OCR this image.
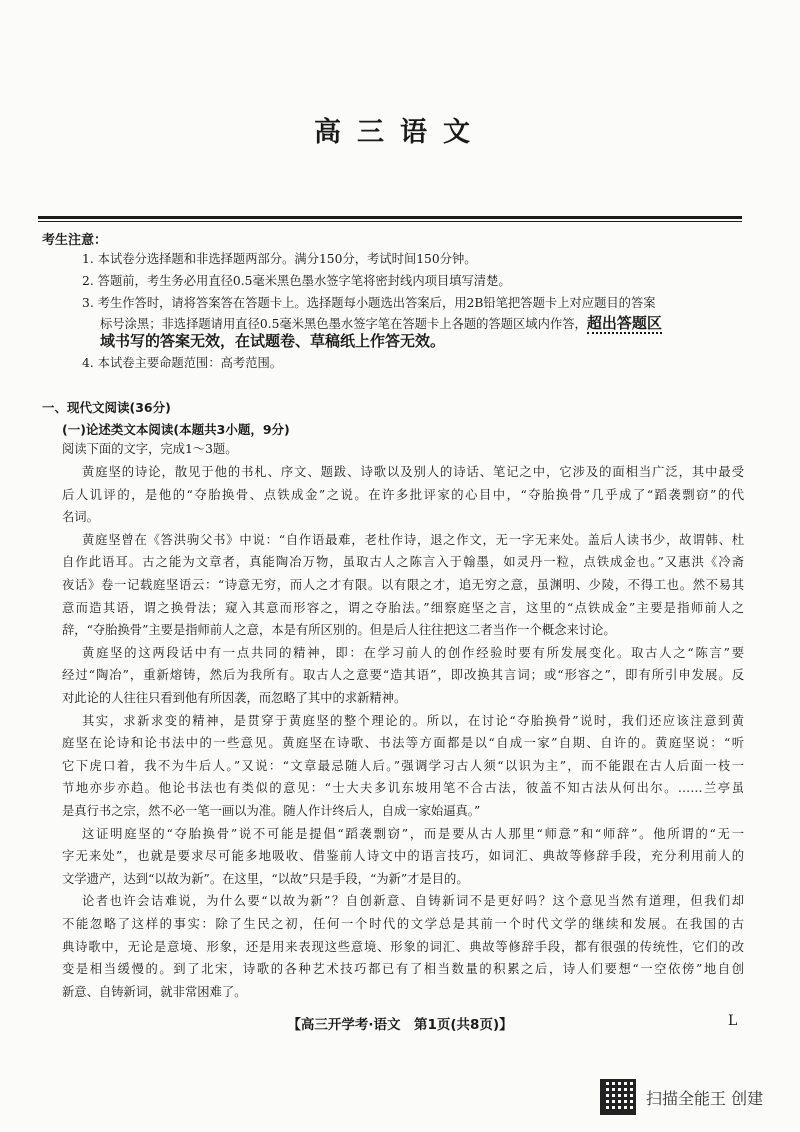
高三语文
考生注意：
1. 本试卷分选择题和非选择题两部分。满分150分，考试时间150分钟。
2. 答题前，考生务必用直径0.5毫米黑色墨水签字笔将密封线内项目填写清楚。
3. 考生作答时，请将答案答在答题卡上。选择题每小题选出答案后，用2B铅笔把答题卡上对应题目的答案
标号涂黑；非选择题请用直径0.5毫米黑色墨水签字笔在答题卡上各题的答题区域内作答，超出答题区
域书写的答案无效，在试题卷、草稿纸上作答无效。
4. 本试卷主要命题范围：高考范围。
一、现代文阅读(36分)
(一)论述类文本阅读(本题共3小题，9分)
阅读下面的文字，完成1～3题。
黄庭坚的诗论，散见于他的书札、序文、题跋、诗歌以及别人的诗话、笔记之中，它涉及的面相当广泛，其中最受
后人讥评的，是他的“夺胎换骨、点铁成金”之说。在许多批评家的心目中，“夺胎换骨”几乎成了“蹈袭剽窃”的代
名词。
黄庭坚曾在《答洪驹父书》中说：“自作语最难，老杜作诗，退之作文，无一字无来处。盖后人读书少，故谓韩、杜
自作此语耳。古之能为文章者，真能陶冶万物，虽取古人之陈言入于翰墨，如灵丹一粒，点铁成金也。”又惠洪《冷斋
夜话》卷一记载庭坚语云：“诗意无穷，而人之才有限。以有限之才，追无穷之意，虽渊明、少陵，不得工也。然不易其
意而造其语，谓之换骨法；窥入其意而形容之，谓之夺胎法。”细察庭坚之言，这里的“点铁成金”主要是指师前人之
辞，“夺胎换骨”主要是指师前人之意，本是有所区别的。但是后人往往把这二者当作一个概念来讨论。
黄庭坚的这两段话中有一点共同的精神，即：在学习前人的创作经验时要有所发展变化。取古人之“陈言”要
经过“陶冶”，重新熔铸，然后为我所有。取古人之意要“造其语”，即改换其言词；或“形容之”，即有所引申发展。反
对此论的人往往只看到他有所因袭，而忽略了其中的求新精神。
其实，求新求变的精神，是贯穿于黄庭坚的整个理论的。所以，在讨论“夺胎换骨”说时，我们还应该注意到黄
庭坚在论诗和论书法中的一些意见。黄庭坚在诗歌、书法等方面都是以“自成一家”自期、自许的。黄庭坚说：“听
它下虎口着，我不为牛后人。”又说：“文章最忌随人后。”强调学习古人须“以识为主”，而不能跟在古人后面一枝一
节地亦步亦趋。他论书法也有类似的意见：“士大夫多讥东坡用笔不合古法，彼盖不知古法从何出尔。……兰亭虽
是真行书之宗，然不必一笔一画以为准。随人作计终后人，自成一家始逼真。”
这证明庭坚的“夺胎换骨”说不可能是提倡“蹈袭剽窃”，而是要从古人那里“师意”和“师辞”。他所谓的“无一
字无来处”，也就是要求尽可能多地吸收、借鉴前人诗文中的语言技巧，如词汇、典故等修辞手段，充分利用前人的
文学遗产，达到“以故为新”。在这里，“以故”只是手段，“为新”才是目的。
论者也许会诘难说，为什么要“以故为新”？自创新意、自铸新词不是更好吗？这个意见当然有道理，但我们却
不能忽略了这样的事实：除了生民之初，任何一个时代的文学总是其前一个时代文学的继续和发展。在我国的古
典诗歌中，无论是意境、形象，还是用来表现这些意境、形象的词汇、典故等修辞手段，都有很强的传统性，它们的改
变是相当缓慢的。到了北宋，诗歌的各种艺术技巧都已有了相当数量的积累之后，诗人们要想“一空依傍”地自创
新意、自铸新词，就非常困难了。
【高三开学考·语文　第1页(共8页)】	L
扫描全能王 创建
